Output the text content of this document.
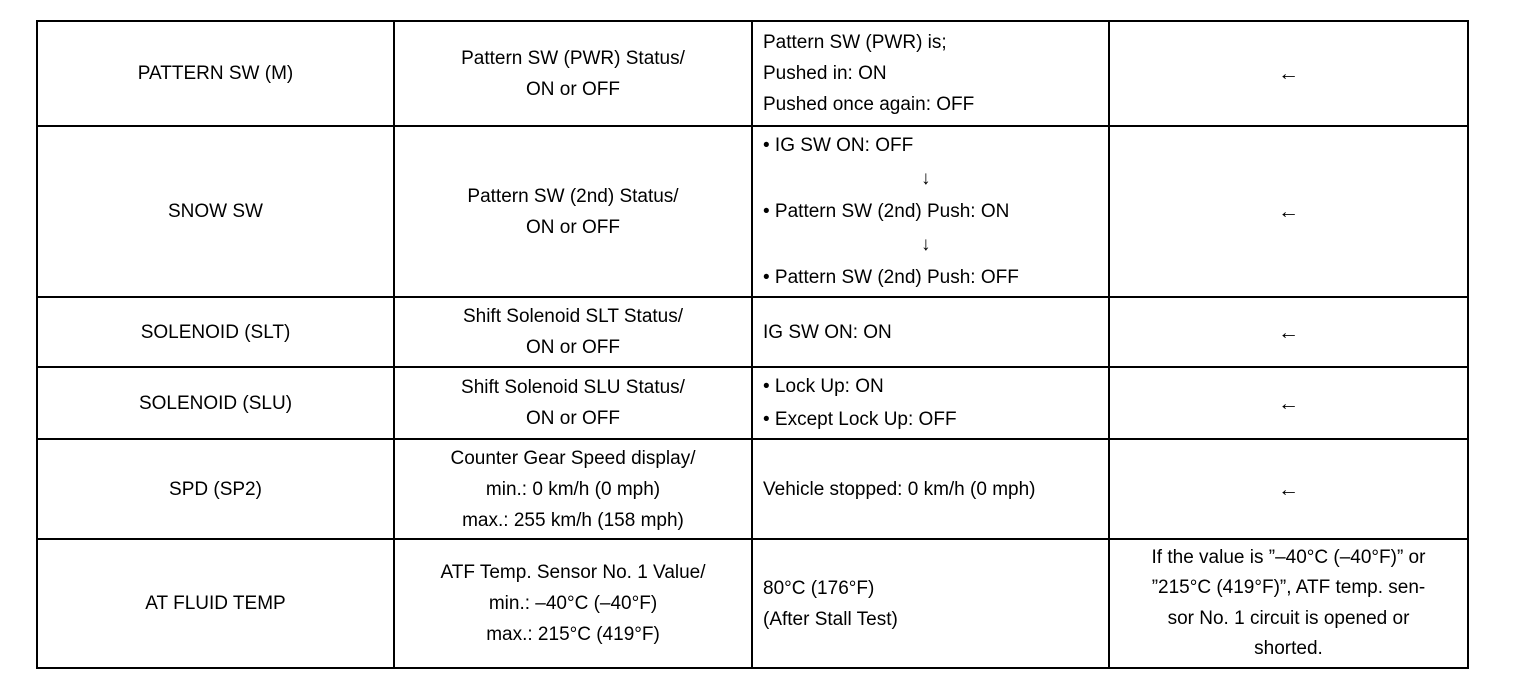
PATTERN SW (M)	Pattern SW (PWR) Status/
ON or OFF	Pattern SW (PWR) is;
Pushed in: ON
Pushed once again: OFF	←

SNOW SW	Pattern SW (2nd) Status/
ON or OFF	• IG SW ON: OFF
↓
• Pattern SW (2nd) Push: ON
↓
• Pattern SW (2nd) Push: OFF	←

SOLENOID (SLT)	Shift Solenoid SLT Status/
ON or OFF	IG SW ON: ON	←

SOLENOID (SLU)	Shift Solenoid SLU Status/
ON or OFF	• Lock Up: ON
• Except Lock Up: OFF	←

SPD (SP2)	Counter Gear Speed display/
min.: 0 km/h (0 mph)
max.: 255 km/h (158 mph)	Vehicle stopped: 0 km/h (0 mph)	←

AT FLUID TEMP	ATF Temp. Sensor No. 1 Value/
min.: –40°C (–40°F)
max.: 215°C (419°F)	80°C (176°F)
(After Stall Test)	If the value is ”–40°C (–40°F)” or
”215°C (419°F)”, ATF temp. sen-
sor No. 1 circuit is opened or
shorted.
